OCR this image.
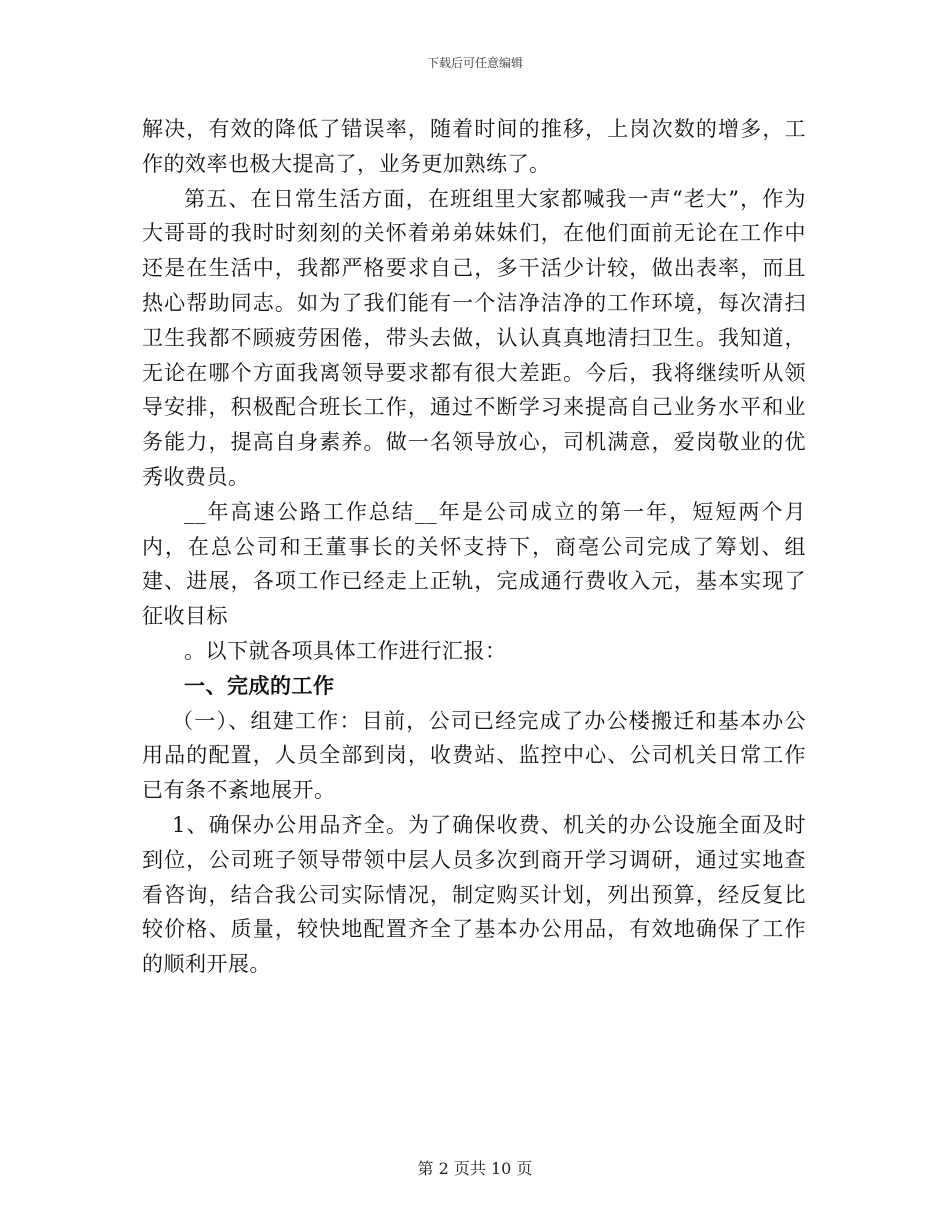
下载后可任意编辑

解决，有效的降低了错误率，随着时间的推移，上岗次数的增多，工作的效率也极大提高了，业务更加熟练了。

第五、在日常生活方面，在班组里大家都喊我一声“老大”，作为大哥哥的我时时刻刻的关怀着弟弟妹妹们，在他们面前无论在工作中还是在生活中，我都严格要求自己，多干活少计较，做出表率，而且热心帮助同志。如为了我们能有一个洁净洁净的工作环境，每次清扫卫生我都不顾疲劳困倦，带头去做，认认真真地清扫卫生。我知道，无论在哪个方面我离领导要求都有很大差距。今后，我将继续听从领导安排，积极配合班长工作，通过不断学习来提高自己业务水平和业务能力，提高自身素养。做一名领导放心，司机满意，爱岗敬业的优秀收费员。

__年高速公路工作总结__年是公司成立的第一年，短短两个月内，在总公司和王董事长的关怀支持下，商亳公司完成了筹划、组建、进展，各项工作已经走上正轨，完成通行费收入元，基本实现了征收目标

。以下就各项具体工作进行汇报：

一、完成的工作

（一）、组建工作：目前，公司已经完成了办公楼搬迁和基本办公用品的配置，人员全部到岗，收费站、监控中心、公司机关日常工作已有条不紊地展开。

1、确保办公用品齐全。为了确保收费、机关的办公设施全面及时到位，公司班子领导带领中层人员多次到商开学习调研，通过实地查看咨询，结合我公司实际情况，制定购买计划，列出预算，经反复比较价格、质量，较快地配置齐全了基本办公用品，有效地确保了工作的顺利开展。

第 2 页共 10 页
